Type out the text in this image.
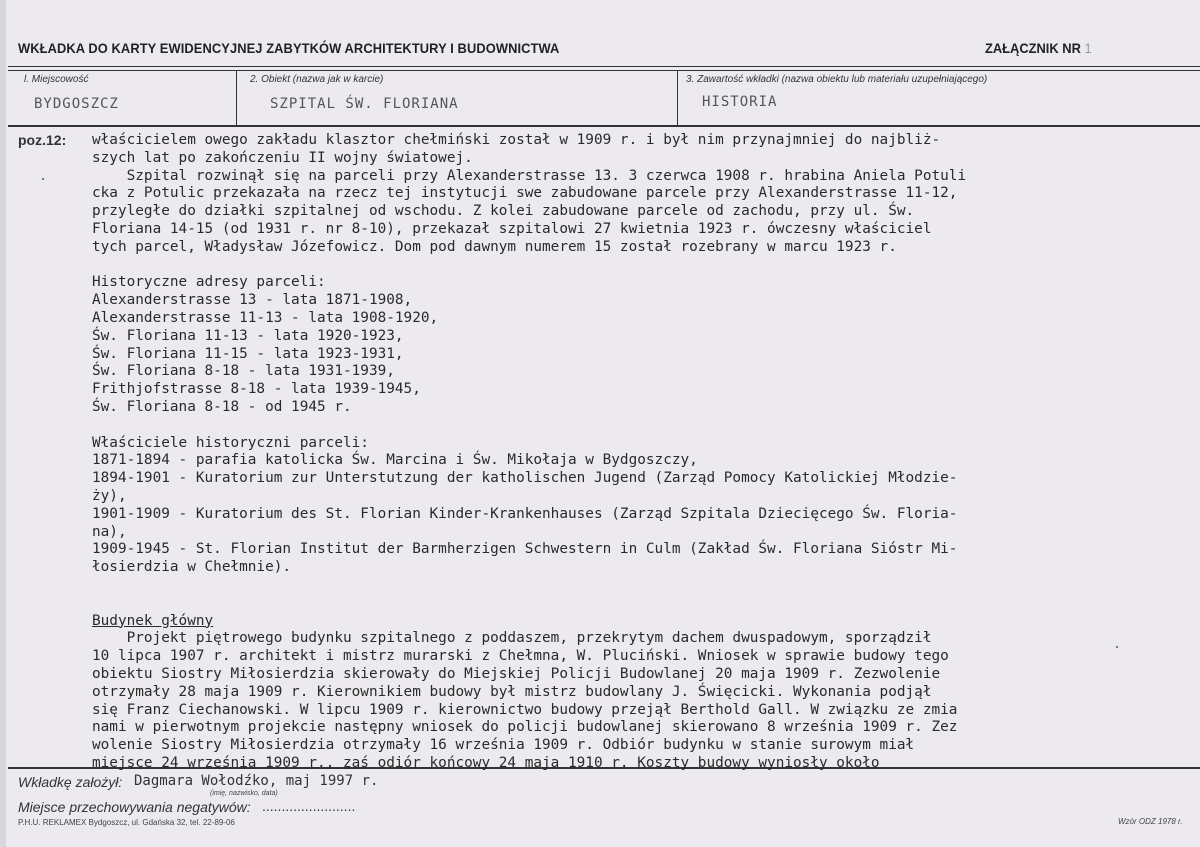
WKŁADKA DO KARTY EWIDENCYJNEJ ZABYTKÓW ARCHITEKTURY I BUDOWNICTWA	ZAŁĄCZNIK NR 1
l. Miejscowość
BYDGOSZCZ
2. Obiekt (nazwa jak w karcie)
SZPITAL ŚW. FLORIANA
3. Zawartość wkładki (nazwa obiektu lub materiału uzupełniającego)
HISTORIA
poz.12: właścicielem owego zakładu klasztor chełmiński został w 1909 r. i był nim przynajmniej do najbliż-
szych lat po zakończeniu II wojny światowej.
Szpital rozwinął się na parceli przy Alexanderstrasse 13. 3 czerwca 1908 r. hrabina Aniela Potuli
cka z Potulic przekazała na rzecz tej instytucji swe zabudowane parcele przy Alexanderstrasse 11-12,
przyległe do działki szpitalnej od wschodu. Z kolei zabudowane parcele od zachodu, przy ul. Św.
Floriana 14-15 (od 1931 r. nr 8-10), przekazał szpitalowi 27 kwietnia 1923 r. ówczesny właściciel
tych parcel, Władysław Józefowicz. Dom pod dawnym numerem 15 został rozebrany w marcu 1923 r.

Historyczne adresy parceli:
Alexanderstrasse 13 - lata 1871-1908,
Alexanderstrasse 11-13 - lata 1908-1920,
Św. Floriana 11-13 - lata 1920-1923,
Św. Floriana 11-15 - lata 1923-1931,
Św. Floriana 8-18 - lata 1931-1939,
Frithjofstrasse 8-18 - lata 1939-1945,
Św. Floriana 8-18 - od 1945 r.

Właściciele historyczni parceli:
1871-1894 - parafia katolicka Św. Marcina i Św. Mikołaja w Bydgoszczy,
1894-1901 - Kuratorium zur Unterstutzung der katholischen Jugend (Zarząd Pomocy Katolickiej Młodzie-
żу),
1901-1909 - Kuratorium des St. Florian Kinder-Krankenhauses (Zarząd Szpitala Dziecięcego Św. Floria-
na),
1909-1945 - St. Florian Institut der Barmherzigen Schwestern in Culm (Zakład Św. Floriana Sióstr Mi-
łosierdzia w Chełmnie).

Budynek główny
Projekt piętrowego budynku szpitalnego z poddaszem, przekrytym dachem dwuspadowym, sporządził
10 lipca 1907 r. architekt i mistrz murarski z Chełmna, W. Pluciński. Wniosek w sprawie budowy tego
obiektu Siostry Miłosierdzia skierowały do Miejskiej Policji Budowlanej 20 maja 1909 r. Zezwolenie
otrzymały 28 maja 1909 r. Kierownikiem budowy był mistrz budowlany J. Święcicki. Wykonania podjął
się Franz Ciechanowski. W lipcu 1909 r. kierownictwo budowy przejął Berthold Gall. W związku ze zmia
nami w pierwotnym projekcie następny wniosek do policji budowlanej skierowano 8 września 1909 r. Zez
wolenie Siostry Miłosierdzia otrzymały 16 września 1909 r. Odbiór budynku w stanie surowym miał
miejsce 24 września 1909 r., zaś odiór końcowy 24 maja 1910 r. Koszty budowy wyniosły około

Wkładkę założył: Dagmara Wołodźko, maj 1997 r.
(imię, nazwisko, data)
Miejsce przechowywania negatywów: ........................
P.H.U. REKLAMEX Bydgoszcz, ul. Gdańska 32, tel. 22-89-06	Wzór ODZ 1978 r.
